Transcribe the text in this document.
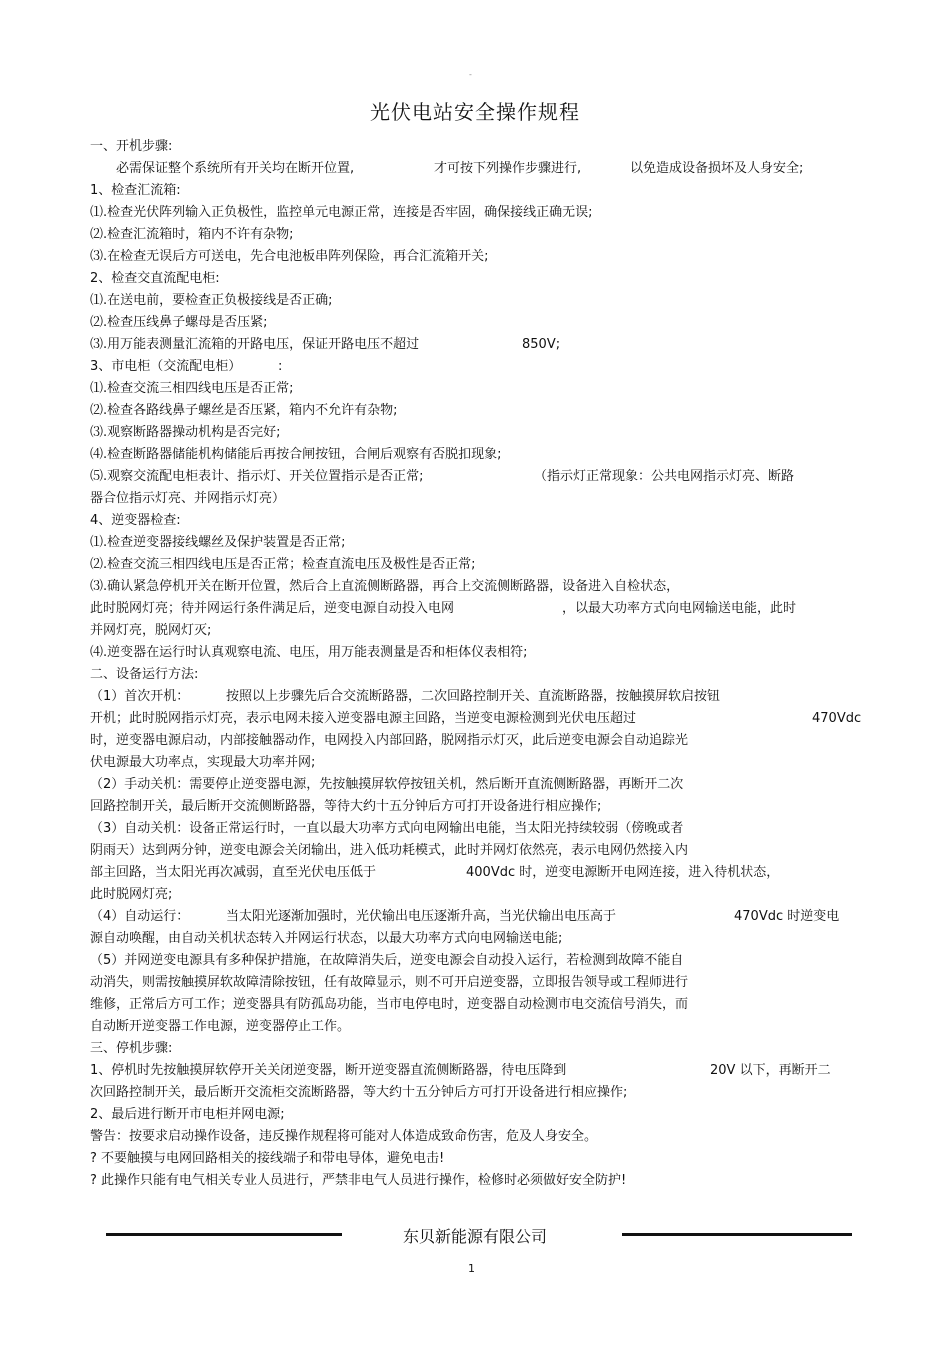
-
光伏电站安全操作规程
一、开机步骤:
必需保证整个系统所有开关均在断开位置,	才可按下列操作步骤进行,	以免造成设备损坏及人身安全;
1、检查汇流箱:
⑴.检查光伏阵列输入正负极性，监控单元电源正常，连接是否牢固，确保接线正确无误;
⑵.检查汇流箱时，箱内不许有杂物;
⑶.在检查无误后方可送电，先合电池板串阵列保险，再合汇流箱开关;
2、检查交直流配电柜:
⑴.在送电前，要检查正负极接线是否正确;
⑵.检查压线鼻子螺母是否压紧;
⑶.用万能表测量汇流箱的开路电压，保证开路电压不超过	850V;
3、市电柜（交流配电柜）	:
⑴.检查交流三相四线电压是否正常;
⑵.检查各路线鼻子螺丝是否压紧，箱内不允许有杂物;
⑶.观察断路器操动机构是否完好;
⑷.检查断路器储能机构储能后再按合闸按钮，合闸后观察有否脱扣现象;
⑸.观察交流配电柜表计、指示灯、开关位置指示是否正常;	（指示灯正常现象：公共电网指示灯亮、断路
器合位指示灯亮、并网指示灯亮）
4、逆变器检查:
⑴.检查逆变器接线螺丝及保护装置是否正常;
⑵.检查交流三相四线电压是否正常；检查直流电压及极性是否正常;
⑶.确认紧急停机开关在断开位置，然后合上直流侧断路器，再合上交流侧断路器，设备进入自检状态，
此时脱网灯亮；待并网运行条件满足后，逆变电源自动投入电网	，以最大功率方式向电网输送电能，此时
并网灯亮，脱网灯灭;
⑷.逆变器在运行时认真观察电流、电压，用万能表测量是否和柜体仪表相符;
二、设备运行方法:
（1）首次开机：	按照以上步骤先后合交流断路器，二次回路控制开关、直流断路器，按触摸屏软启按钮
开机；此时脱网指示灯亮，表示电网未接入逆变器电源主回路，当逆变电源检测到光伏电压超过	470Vdc
时，逆变器电源启动，内部接触器动作，电网投入内部回路，脱网指示灯灭，此后逆变电源会自动追踪光
伏电源最大功率点，实现最大功率并网;
（2）手动关机：需要停止逆变器电源，先按触摸屏软停按钮关机，然后断开直流侧断路器，再断开二次
回路控制开关，最后断开交流侧断路器，等待大约十五分钟后方可打开设备进行相应操作;
（3）自动关机：设备正常运行时，一直以最大功率方式向电网输出电能，当太阳光持续较弱（傍晚或者
阴雨天）达到两分钟，逆变电源会关闭输出，进入低功耗模式，此时并网灯依然亮，表示电网仍然接入内
部主回路，当太阳光再次减弱，直至光伏电压低于	400Vdc 时，逆变电源断开电网连接，进入待机状态，
此时脱网灯亮;
（4）自动运行：	当太阳光逐渐加强时，光伏输出电压逐渐升高，当光伏输出电压高于	470Vdc 时逆变电
源自动唤醒，由自动关机状态转入并网运行状态，以最大功率方式向电网输送电能;
（5）并网逆变电源具有多种保护措施，在故障消失后，逆变电源会自动投入运行，若检测到故障不能自
动消失，则需按触摸屏软故障清除按钮，任有故障显示，则不可开启逆变器，立即报告领导或工程师进行
维修，正常后方可工作；逆变器具有防孤岛功能，当市电停电时，逆变器自动检测市电交流信号消失，而
自动断开逆变器工作电源，逆变器停止工作。
三、停机步骤:
1、停机时先按触摸屏软停开关关闭逆变器，断开逆变器直流侧断路器，待电压降到	20V 以下，再断开二
次回路控制开关，最后断开交流柜交流断路器，等大约十五分钟后方可打开设备进行相应操作;
2、最后进行断开市电柜并网电源;
警告：按要求启动操作设备，违反操作规程将可能对人体造成致命伤害，危及人身安全。
? 不要触摸与电网回路相关的接线端子和带电导体，避免电击!
? 此操作只能有电气相关专业人员进行，严禁非电气人员进行操作，检修时必须做好安全防护!
东贝新能源有限公司
1
